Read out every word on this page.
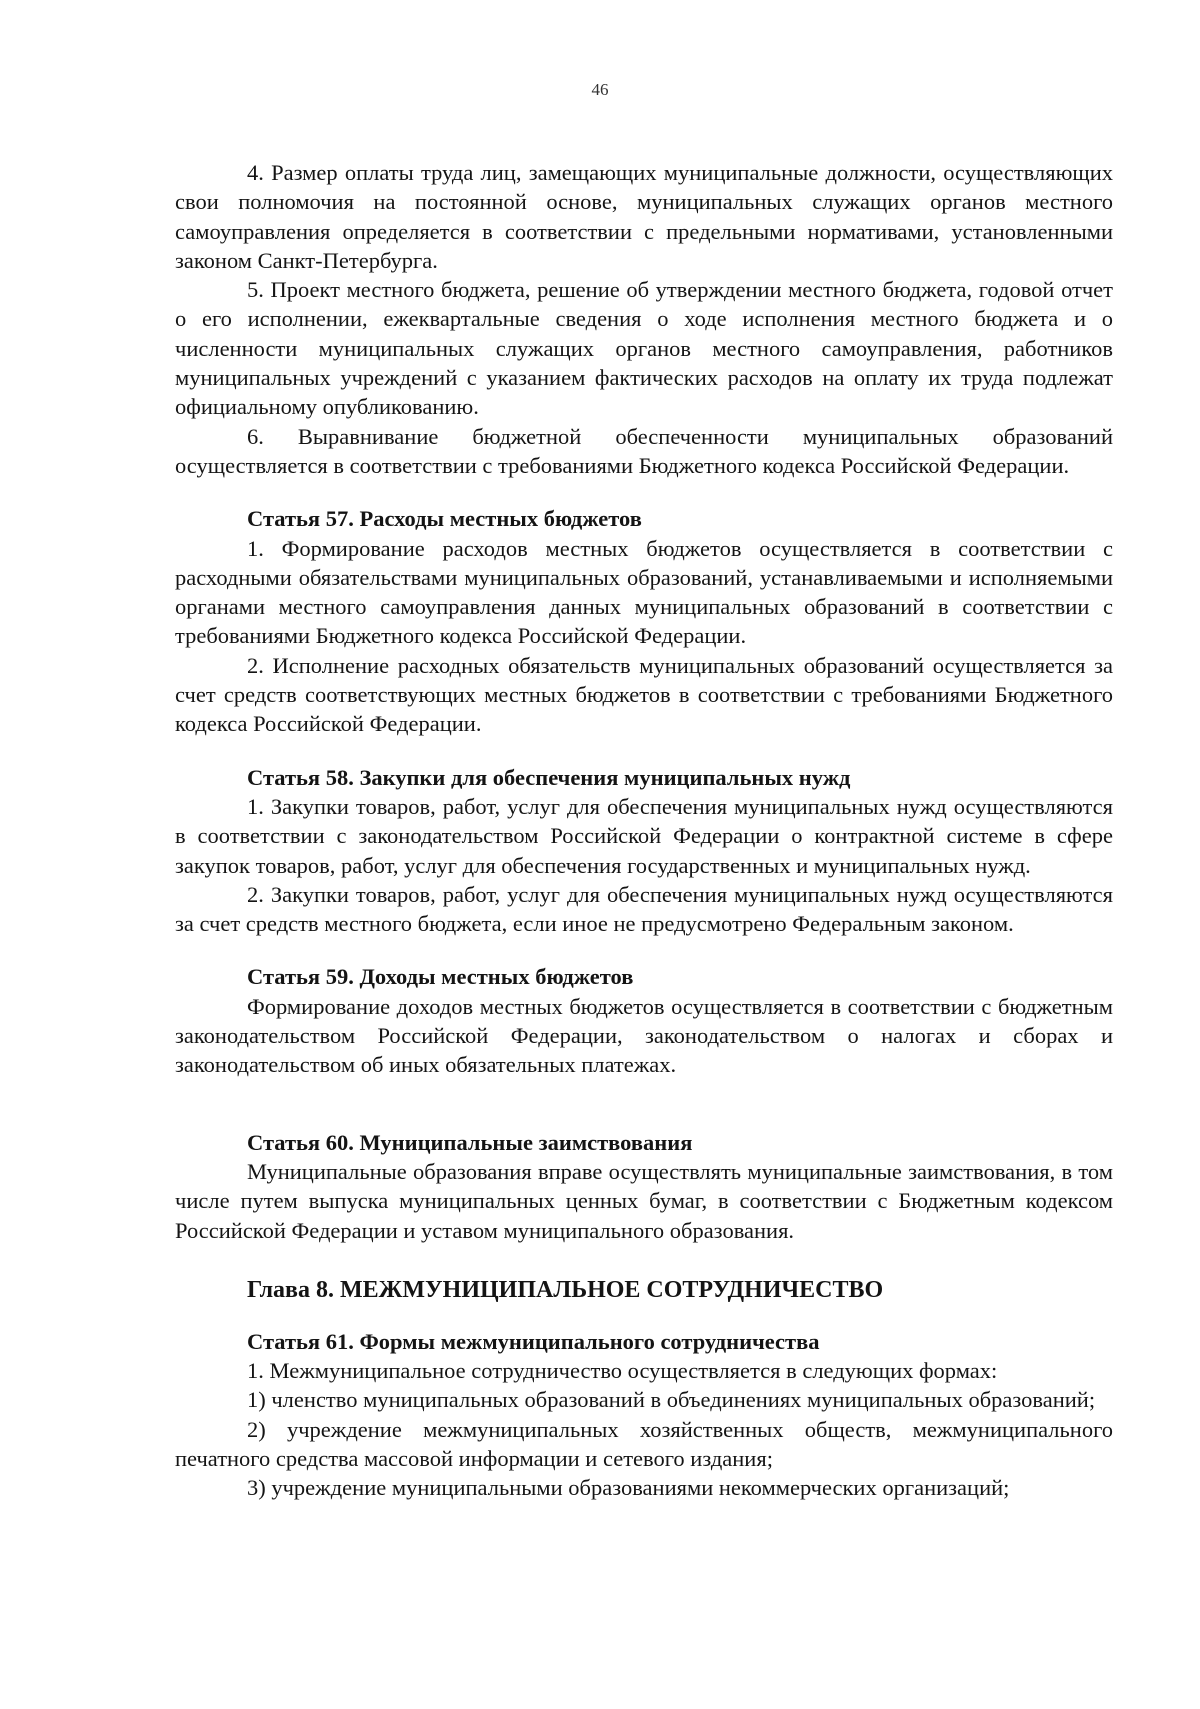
46

4. Размер оплаты труда лиц, замещающих муниципальные должности, осуществляющих свои полномочия на постоянной основе, муниципальных служащих органов местного самоуправления определяется в соответствии с предельными нормативами, установленными законом Санкт-Петербурга.

5. Проект местного бюджета, решение об утверждении местного бюджета, годовой отчет о его исполнении, ежеквартальные сведения о ходе исполнения местного бюджета и о численности муниципальных служащих органов местного самоуправления, работников муниципальных учреждений с указанием фактических расходов на оплату их труда подлежат официальному опубликованию.

6. Выравнивание бюджетной обеспеченности муниципальных образований осуществляется в соответствии с требованиями Бюджетного кодекса Российской Федерации.

Статья 57. Расходы местных бюджетов

1. Формирование расходов местных бюджетов осуществляется в соответствии с расходными обязательствами муниципальных образований, устанавливаемыми и исполняемыми органами местного самоуправления данных муниципальных образований в соответствии с требованиями Бюджетного кодекса Российской Федерации.

2. Исполнение расходных обязательств муниципальных образований осуществляется за счет средств соответствующих местных бюджетов в соответствии с требованиями Бюджетного кодекса Российской Федерации.

Статья 58. Закупки для обеспечения муниципальных нужд

1. Закупки товаров, работ, услуг для обеспечения муниципальных нужд осуществляются в соответствии с законодательством Российской Федерации о контрактной системе в сфере закупок товаров, работ, услуг для обеспечения государственных и муниципальных нужд.

2. Закупки товаров, работ, услуг для обеспечения муниципальных нужд осуществляются за счет средств местного бюджета, если иное не предусмотрено Федеральным законом.

Статья 59. Доходы местных бюджетов

Формирование доходов местных бюджетов осуществляется в соответствии с бюджетным законодательством Российской Федерации, законодательством о налогах и сборах и законодательством об иных обязательных платежах.

Статья 60. Муниципальные заимствования

Муниципальные образования вправе осуществлять муниципальные заимствования, в том числе путем выпуска муниципальных ценных бумаг, в соответствии с Бюджетным кодексом Российской Федерации и уставом муниципального образования.

Глава 8. МЕЖМУНИЦИПАЛЬНОЕ СОТРУДНИЧЕСТВО
Статья 61. Формы межмуниципального сотрудничества

1. Межмуниципальное сотрудничество осуществляется в следующих формах:

1) членство муниципальных образований в объединениях муниципальных образований;

2) учреждение межмуниципальных хозяйственных обществ, межмуниципального печатного средства массовой информации и сетевого издания;

3) учреждение муниципальными образованиями некоммерческих организаций;
